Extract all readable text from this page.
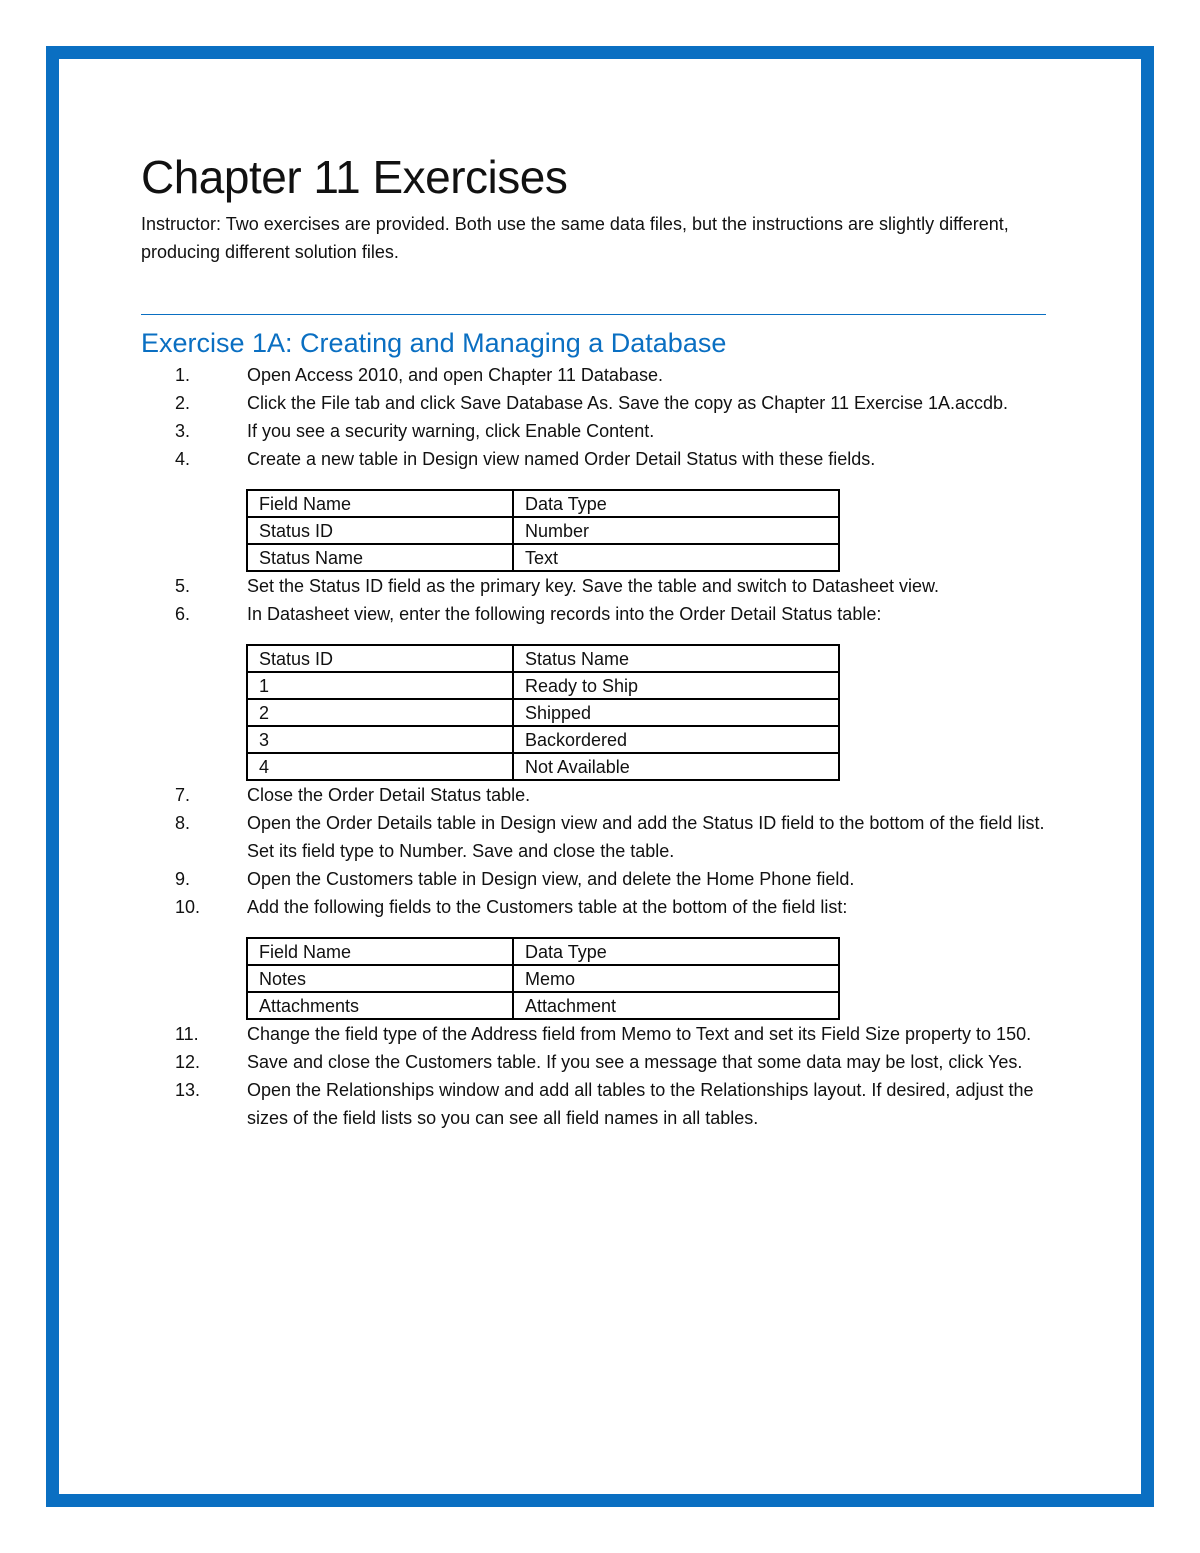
Chapter 11 Exercises

Instructor: Two exercises are provided. Both use the same data files, but the instructions are slightly different, producing different solution files.

Exercise 1A: Creating and Managing a Database
1.	Open Access 2010, and open Chapter 11 Database.
2.	Click the File tab and click Save Database As. Save the copy as Chapter 11 Exercise 1A.accdb.
3.	If you see a security warning, click Enable Content.
4.	Create a new table in Design view named Order Detail Status with these fields.
Field Name	Data Type
Status ID	Number
Status Name	Text
5.	Set the Status ID field as the primary key. Save the table and switch to Datasheet view.
6.	In Datasheet view, enter the following records into the Order Detail Status table:
Status ID	Status Name
1	Ready to Ship
2	Shipped
3	Backordered
4	Not Available
7.	Close the Order Detail Status table.
8.	Open the Order Details table in Design view and add the Status ID field to the bottom of the field list. Set its field type to Number. Save and close the table.
9.	Open the Customers table in Design view, and delete the Home Phone field.
10.	Add the following fields to the Customers table at the bottom of the field list:
Field Name	Data Type
Notes	Memo
Attachments	Attachment
11.	Change the field type of the Address field from Memo to Text and set its Field Size property to 150.
12.	Save and close the Customers table. If you see a message that some data may be lost, click Yes.
13.	Open the Relationships window and add all tables to the Relationships layout. If desired, adjust the sizes of the field lists so you can see all field names in all tables.
